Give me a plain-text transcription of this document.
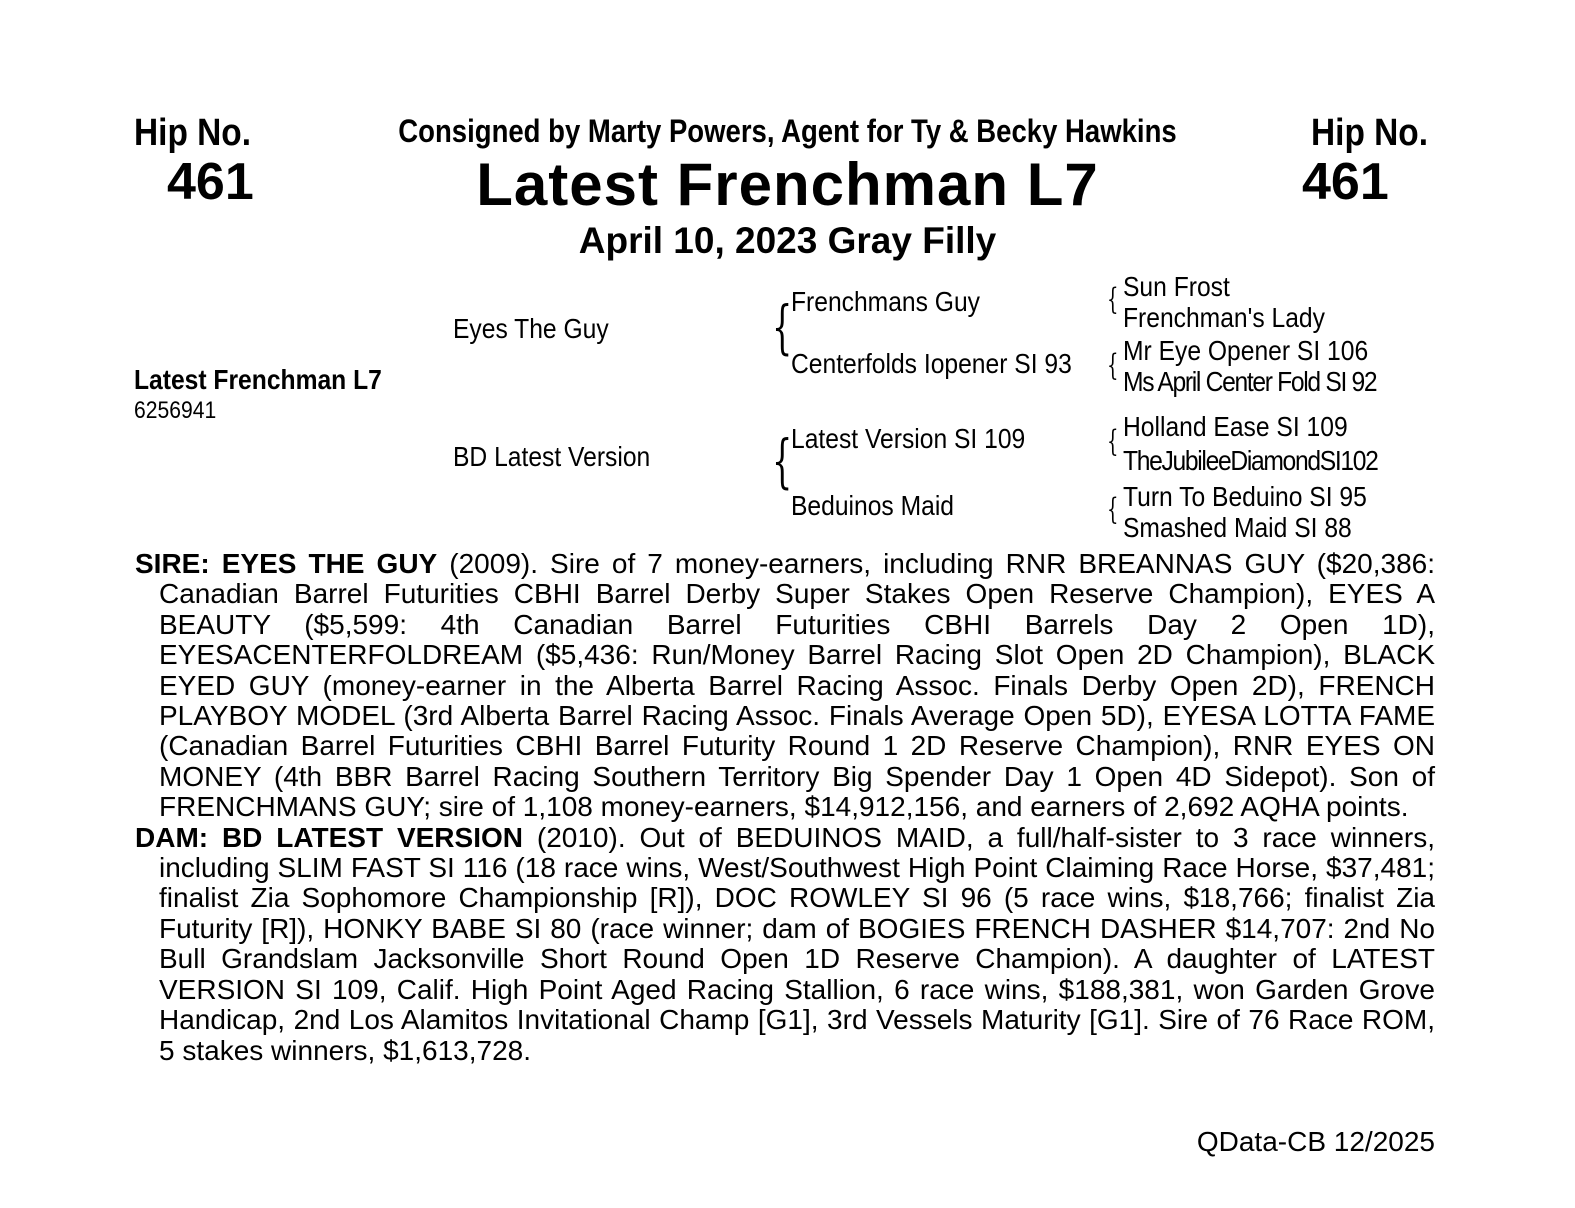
Hip No.
461
Hip No.
461
Consigned by Marty Powers, Agent for Ty & Becky Hawkins
Latest Frenchman L7
April 10, 2023 Gray Filly
Latest Frenchman L7
6256941
Eyes The Guy
BD Latest Version
{
Frenchmans Guy
Centerfolds Iopener SI 93
{
Latest Version SI 109
Beduinos Maid
{ Sun Frost
Frenchman's Lady
{ Mr Eye Opener SI 106
Ms April Center Fold SI 92
{ Holland Ease SI 109
TheJubileeDiamondSI102
{ Turn To Beduino SI 95
Smashed Maid SI 88

SIRE: EYES THE GUY (2009). Sire of 7 money-earners, including RNR BREANNAS GUY ($20,386: Canadian Barrel Futurities CBHI Barrel Derby Super Stakes Open Reserve Champion), EYES A BEAUTY ($5,599: 4th Canadian Barrel Futurities CBHI Barrels Day 2 Open 1D), EYESACENTERFOLDREAM ($5,436: Run/Money Barrel Racing Slot Open 2D Champion), BLACK EYED GUY (money-earner in the Alberta Barrel Racing Assoc. Finals Derby Open 2D), FRENCH PLAYBOY MODEL (3rd Alberta Barrel Racing Assoc. Finals Average Open 5D), EYESA LOTTA FAME (Canadian Barrel Futurities CBHI Barrel Futurity Round 1 2D Reserve Champion), RNR EYES ON MONEY (4th BBR Barrel Racing Southern Territory Big Spender Day 1 Open 4D Sidepot). Son of FRENCHMANS GUY; sire of 1,108 money-earners, $14,912,156, and earners of 2,692 AQHA points.

DAM: BD LATEST VERSION (2010). Out of BEDUINOS MAID, a full/half-sister to 3 race winners, including SLIM FAST SI 116 (18 race wins, West/Southwest High Point Claiming Race Horse, $37,481; finalist Zia Sophomore Championship [R]), DOC ROWLEY SI 96 (5 race wins, $18,766; finalist Zia Futurity [R]), HONKY BABE SI 80 (race winner; dam of BOGIES FRENCH DASHER $14,707: 2nd No Bull Grandslam Jacksonville Short Round Open 1D Reserve Champion). A daughter of LATEST VERSION SI 109, Calif. High Point Aged Racing Stallion, 6 race wins, $188,381, won Garden Grove Handicap, 2nd Los Alamitos Invitational Champ [G1], 3rd Vessels Maturity [G1]. Sire of 76 Race ROM, 5 stakes winners, $1,613,728.

QData-CB 12/2025
